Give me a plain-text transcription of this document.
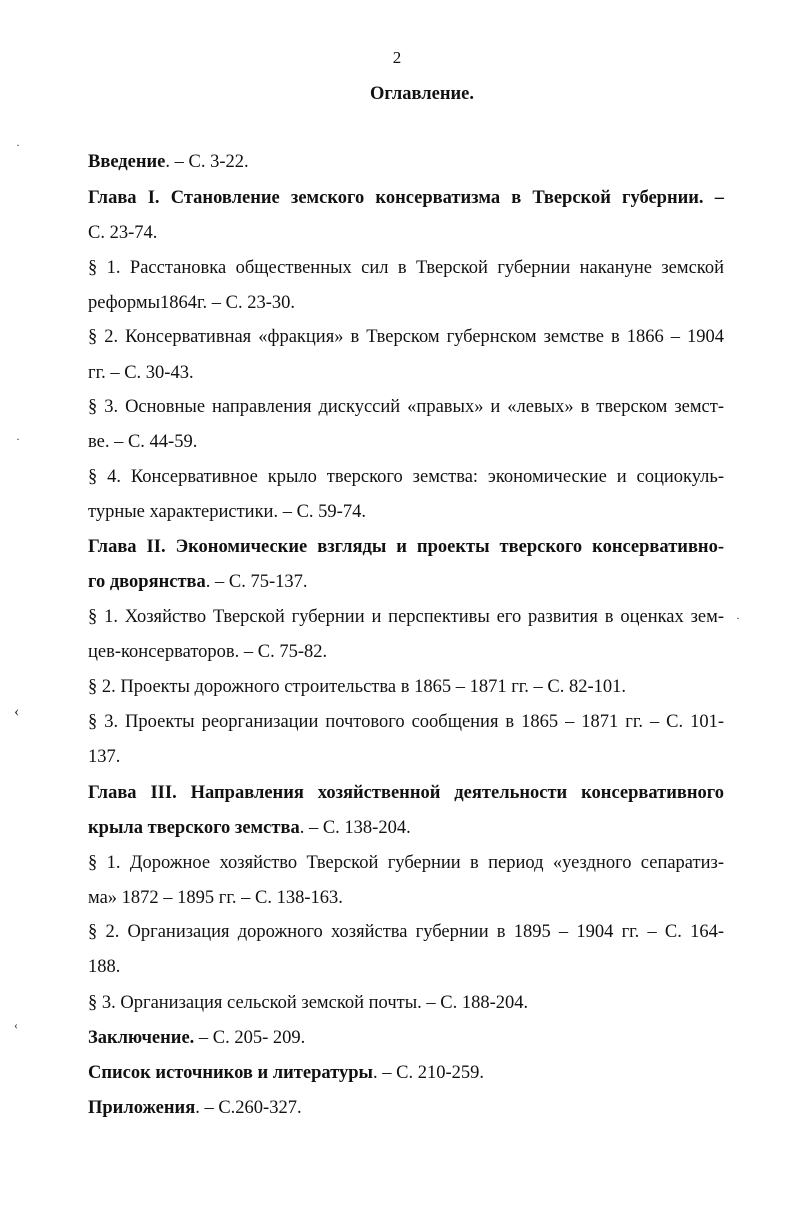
2
Оглавление.
·
·
‹
‹
·
Введение. – С. 3-22.
Глава I. Становление земского консерватизма в Тверской губернии. –
С. 23-74.
§ 1. Расстановка общественных сил в Тверской губернии накануне земской
реформы1864г. – С. 23-30.
§ 2. Консервативная «фракция» в Тверском губернском земстве в 1866 – 1904
гг. – С. 30-43.
§ 3. Основные направления дискуссий «правых» и «левых» в тверском земст-
ве. – С. 44-59.
§ 4. Консервативное крыло тверского земства: экономические и социокуль-
турные характеристики. – С. 59-74.
Глава II. Экономические взгляды и проекты тверского консервативно-
го дворянства. – С. 75-137.
§ 1. Хозяйство Тверской губернии и перспективы его развития в оценках зем-
цев-консерваторов. – С. 75-82.
§ 2. Проекты дорожного строительства в 1865 – 1871 гг. – С. 82-101.
§ 3. Проекты реорганизации почтового сообщения в 1865 – 1871 гг. – С. 101-
137.
Глава III. Направления хозяйственной деятельности консервативного
крыла тверского земства. – С. 138-204.
§ 1. Дорожное хозяйство Тверской губернии в период «уездного сепаратиз-
ма» 1872 – 1895 гг. – С. 138-163.
§ 2. Организация дорожного хозяйства губернии в 1895 – 1904 гг. – С. 164-
188.
§ 3. Организация сельской земской почты. – С. 188-204.
Заключение. – С. 205- 209.
Список источников и литературы. – С. 210-259.
Приложения. – С.260-327.
